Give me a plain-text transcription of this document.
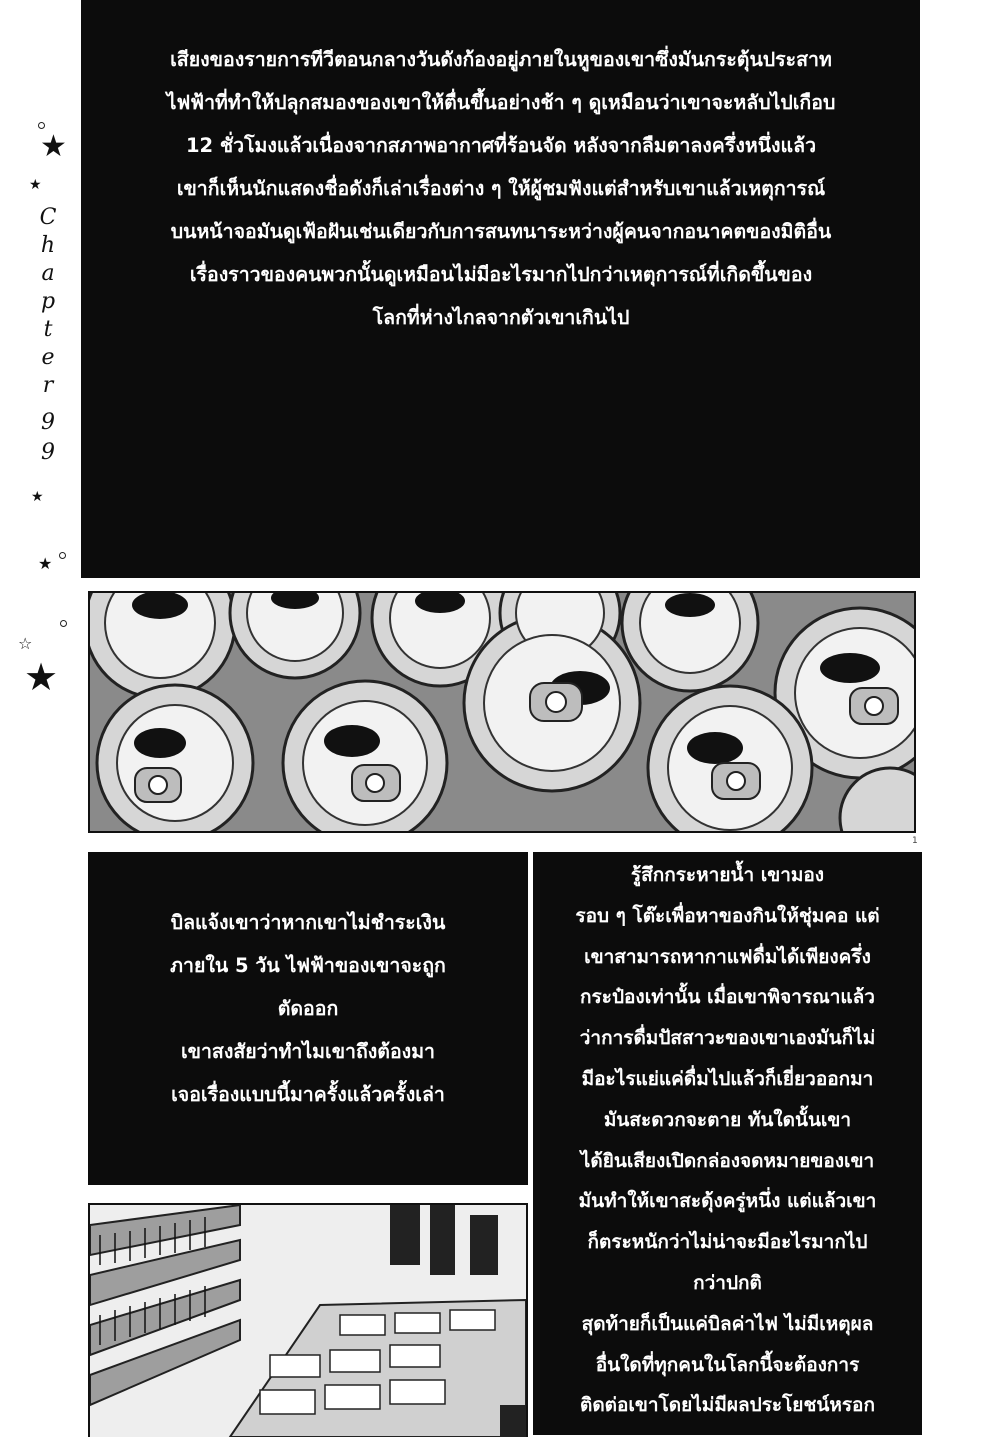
เสียงของรายการทีวีตอนกลางวันดังก้องอยู่ภายในหูของเขาซึ่งมันกระตุ้นประสาท
ไฟฟ้าที่ทำให้ปลุกสมองของเขาให้ตื่นขึ้นอย่างช้า ๆ ดูเหมือนว่าเขาจะหลับไปเกือบ
12 ชั่วโมงแล้วเนื่องจากสภาพอากาศที่ร้อนจัด หลังจากลืมตาลงครึ่งหนึ่งแล้ว
เขาก็เห็นนักแสดงชื่อดังก็เล่าเรื่องต่าง ๆ ให้ผู้ชมฟังแต่สำหรับเขาแล้วเหตุการณ์
บนหน้าจอมันดูเฟ้อฝันเช่นเดียวกับการสนทนาระหว่างผู้คนจากอนาคตของมิติอื่น
เรื่องราวของคนพวกนั้นดูเหมือนไม่มีอะไรมากไปกว่าเหตุการณ์ที่เกิดขึ้นของ
โลกที่ห่างไกลจากตัวเขาเกินไป
C
h
a
p
t
e
r
9
9
★
★
★
★
☆
★
1
บิลแจ้งเขาว่าหากเขาไม่ชำระเงิน
ภายใน 5 วัน ไฟฟ้าของเขาจะถูก
ตัดออก
เขาสงสัยว่าทำไมเขาถึงต้องมา
เจอเรื่องแบบนี้มาครั้งแล้วครั้งเล่า
รู้สึกกระหายน้ำ เขามอง
รอบ ๆ โต๊ะเพื่อหาของกินให้ชุ่มคอ แต่
เขาสามารถหากาแฟดื่มได้เพียงครึ่ง
กระป๋องเท่านั้น เมื่อเขาพิจารณาแล้ว
ว่าการดื่มปัสสาวะของเขาเองมันก็ไม่
มีอะไรแย่แค่ดื่มไปแล้วก็เยี่ยวออกมา
มันสะดวกจะตาย ทันใดนั้นเขา
ได้ยินเสียงเปิดกล่องจดหมายของเขา
มันทำให้เขาสะดุ้งครู่หนึ่ง แต่แล้วเขา
ก็ตระหนักว่าไม่น่าจะมีอะไรมากไป
กว่าปกติ
สุดท้ายก็เป็นแค่บิลค่าไฟ ไม่มีเหตุผล
อื่นใดที่ทุกคนในโลกนี้จะต้องการ
ติดต่อเขาโดยไม่มีผลประโยชน์หรอก
